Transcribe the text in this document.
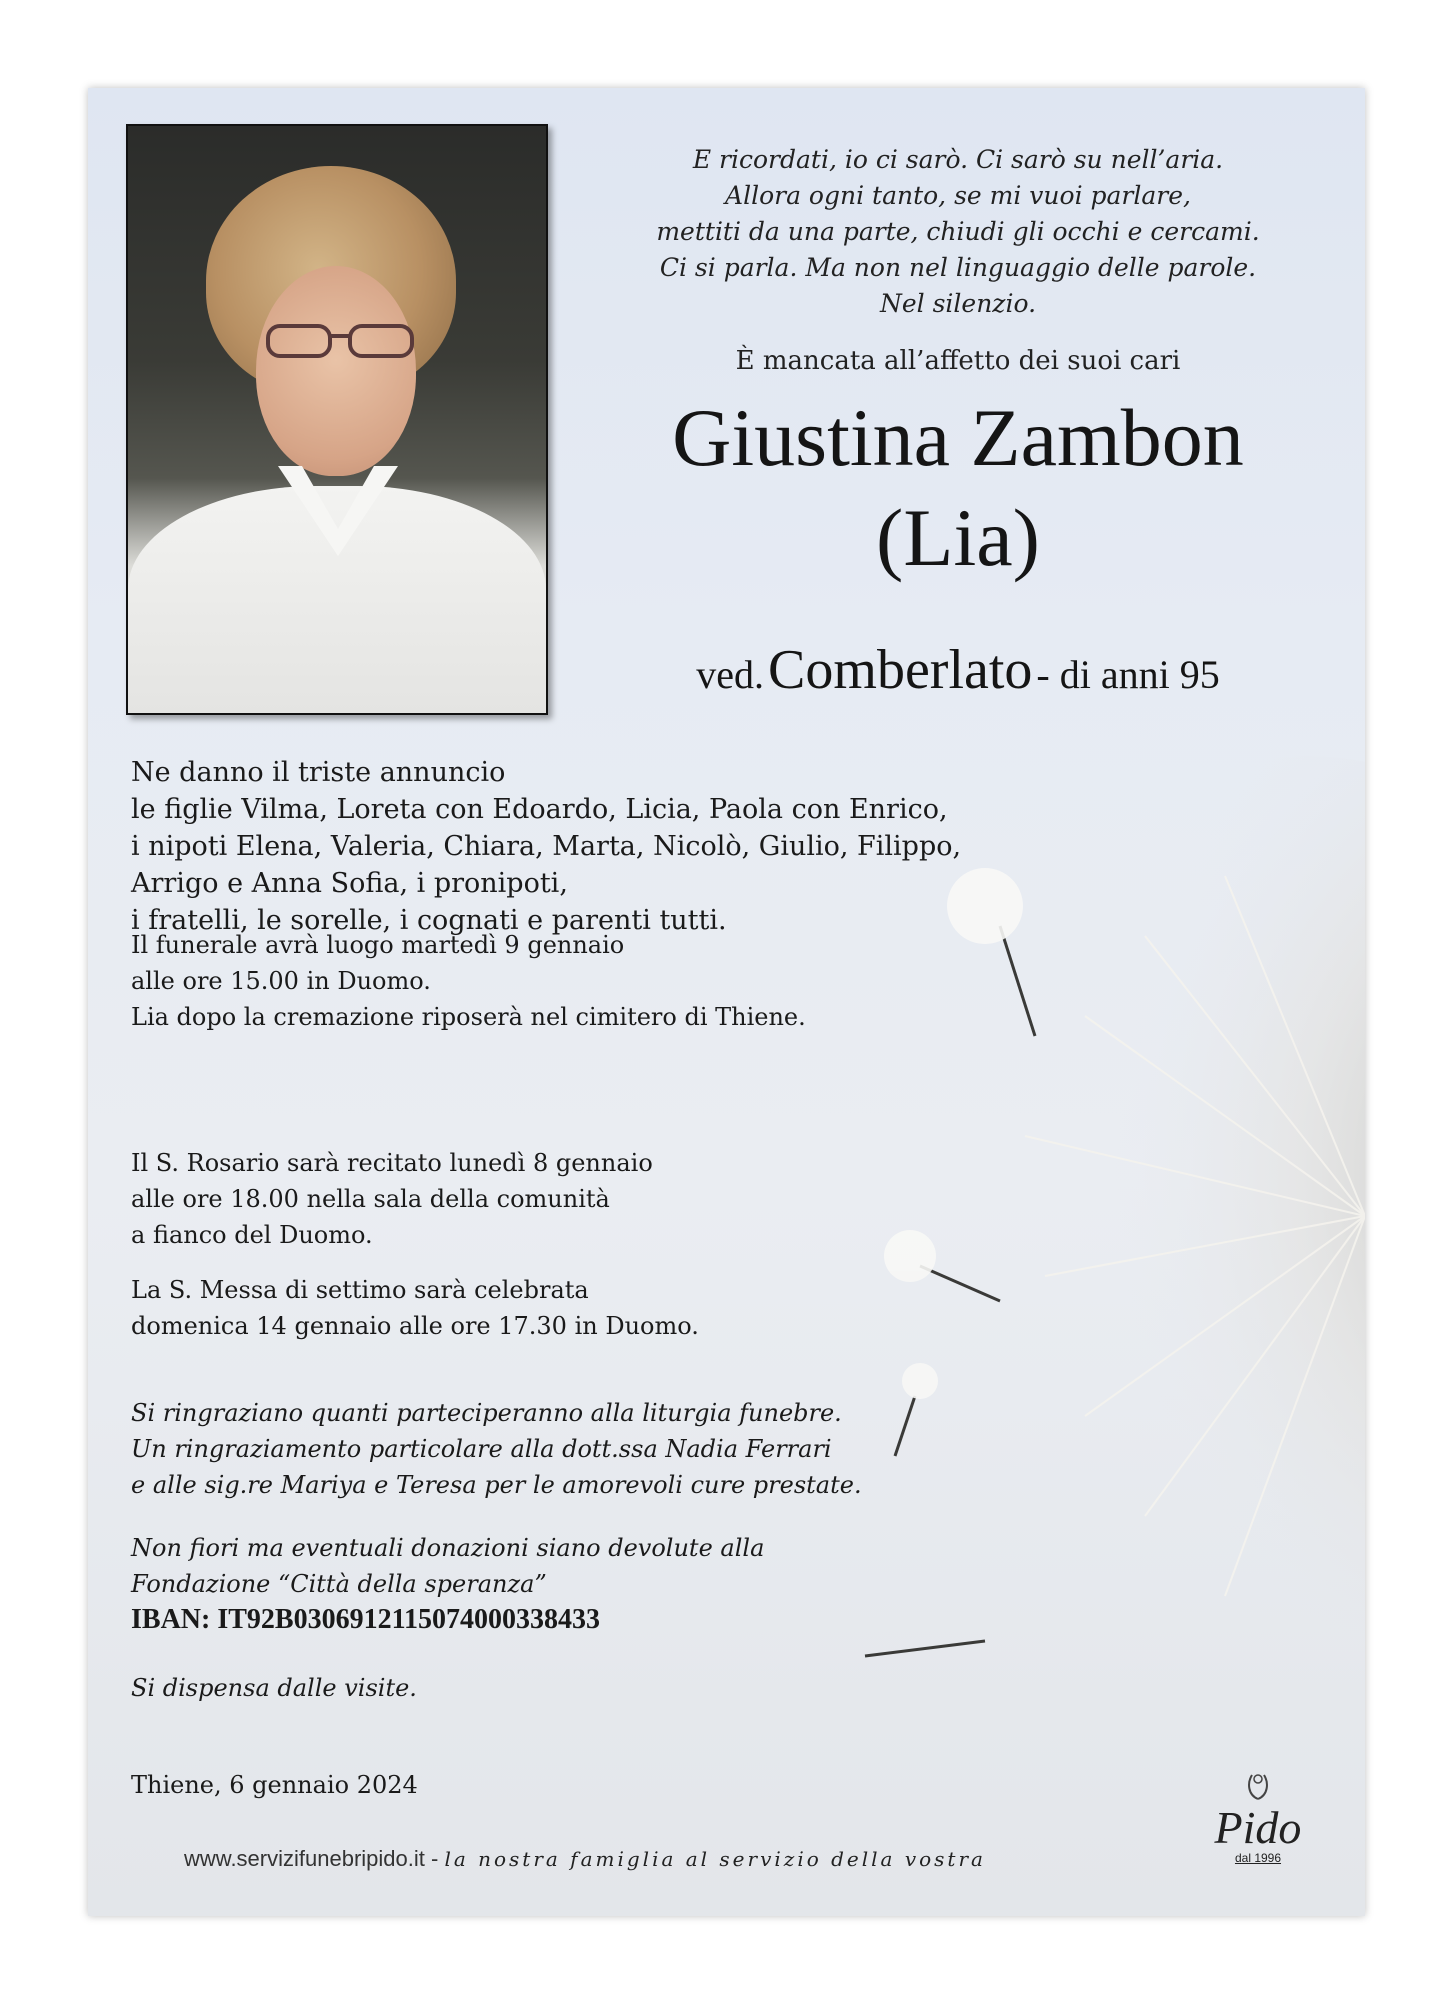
E ricordati, io ci sarò. Ci sarò su nell’aria.
Allora ogni tanto, se mi vuoi parlare,
mettiti da una parte, chiudi gli occhi e cercami.
Ci si parla. Ma non nel linguaggio delle parole.
Nel silenzio.
È mancata all’affetto dei suoi cari
Giustina Zambon
(Lia)
ved. Comberlato - di anni 95
Ne danno il triste annuncio
le figlie Vilma, Loreta con Edoardo, Licia, Paola con Enrico,
i nipoti Elena, Valeria, Chiara, Marta, Nicolò, Giulio, Filippo,
Arrigo e Anna Sofia, i pronipoti,
i fratelli, le sorelle, i cognati e parenti tutti.
Il funerale avrà luogo martedì 9 gennaio
alle ore 15.00 in Duomo.
Lia dopo la cremazione riposerà nel cimitero di Thiene.
Il S. Rosario sarà recitato lunedì 8 gennaio
alle ore 18.00 nella sala della comunità
a fianco del Duomo.
La S. Messa di settimo sarà celebrata
domenica 14 gennaio alle ore 17.30 in Duomo.
Si ringraziano quanti parteciperanno alla liturgia funebre.
Un ringraziamento particolare alla dott.ssa Nadia Ferrari
e alle sig.re Mariya e Teresa per le amorevoli cure prestate.
Non fiori ma eventuali donazioni siano devolute alla
Fondazione “Città della speranza”
IBAN: IT92B0306912115074000338433
Si dispensa dalle visite.
Thiene, 6 gennaio 2024
www.servizifunebripido.it - la nostra famiglia al servizio della vostra
Pido
dal 1996
